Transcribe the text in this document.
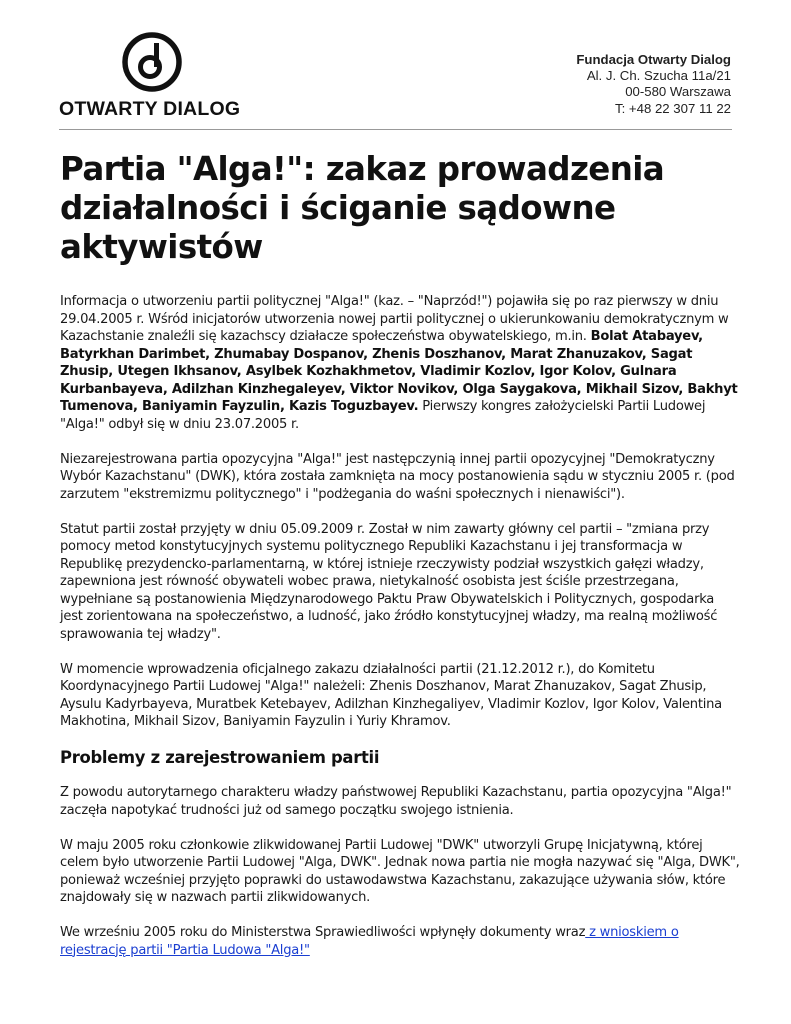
OTWARTY DIALOG
Fundacja Otwarty Dialog
Al. J. Ch. Szucha 11a/21
00-580 Warszawa
T: +48 22 307 11 22
Partia "Alga!": zakaz prowadzenia działalności i ściganie sądowne aktywistów

Informacja o utworzeniu partii politycznej "Alga!" (kaz. – "Naprzód!") pojawiła się po raz pierwszy w dniu 29.04.2005 r. Wśród inicjatorów utworzenia nowej partii politycznej o ukierunkowaniu demokratycznym w Kazachstanie znaleźli się kazachscy działacze społeczeństwa obywatelskiego, m.in. Bolat Atabayev, Batyrkhan Darimbet, Zhumabay Dospanov, Zhenis Doszhanov, Marat Zhanuzakov, Sagat Zhusip, Utegen Ikhsanov, Asylbek Kozhakhmetov, Vladimir Kozlov, Igor Kolov, Gulnara Kurbanbayeva, Adilzhan Kinzhegaleyev, Viktor Novikov, Olga Saygakova, Mikhail Sizov, Bakhyt Tumenova, Baniyamin Fayzulin, Kazis Toguzbayev. Pierwszy kongres założycielski Partii Ludowej "Alga!" odbył się w dniu 23.07.2005 r.

Niezarejestrowana partia opozycyjna "Alga!" jest następczynią innej partii opozycyjnej "Demokratyczny Wybór Kazachstanu" (DWK), która została zamknięta na mocy postanowienia sądu w styczniu 2005 r. (pod zarzutem "ekstremizmu politycznego" i "podżegania do waśni społecznych i nienawiści").

Statut partii został przyjęty w dniu 05.09.2009 r. Został w nim zawarty główny cel partii – "zmiana przy pomocy metod konstytucyjnych systemu politycznego Republiki Kazachstanu i jej transformacja w Republikę prezydencko-parlamentarną, w której istnieje rzeczywisty podział wszystkich gałęzi władzy, zapewniona jest równość obywateli wobec prawa, nietykalność osobista jest ściśle przestrzegana, wypełniane są postanowienia Międzynarodowego Paktu Praw Obywatelskich i Politycznych, gospodarka jest zorientowana na społeczeństwo, a ludność, jako źródło konstytucyjnej władzy, ma realną możliwość sprawowania tej władzy".

W momencie wprowadzenia oficjalnego zakazu działalności partii (21.12.2012 r.), do Komitetu Koordynacyjnego Partii Ludowej "Alga!" należeli: Zhenis Doszhanov, Marat Zhanuzakov, Sagat Zhusip, Aysulu Kadyrbayeva, Muratbek Ketebayev, Adilzhan Kinzhegaliyev, Vladimir Kozlov, Igor Kolov, Valentina Makhotina, Mikhail Sizov, Baniyamin Fayzulin i Yuriy Khramov.

Problemy z zarejestrowaniem partii

Z powodu autorytarnego charakteru władzy państwowej Republiki Kazachstanu, partia opozycyjna "Alga!" zaczęła napotykać trudności już od samego początku swojego istnienia.

W maju 2005 roku członkowie zlikwidowanej Partii Ludowej "DWK" utworzyli Grupę Inicjatywną, której celem było utworzenie Partii Ludowej "Alga, DWK". Jednak nowa partia nie mogła nazywać się "Alga, DWK", ponieważ wcześniej przyjęto poprawki do ustawodawstwa Kazachstanu, zakazujące używania słów, które znajdowały się w nazwach partii zlikwidowanych.

We wrześniu 2005 roku do Ministerstwa Sprawiedliwości wpłynęły dokumenty wraz z wnioskiem o rejestrację partii "Partia Ludowa "Alga!"
